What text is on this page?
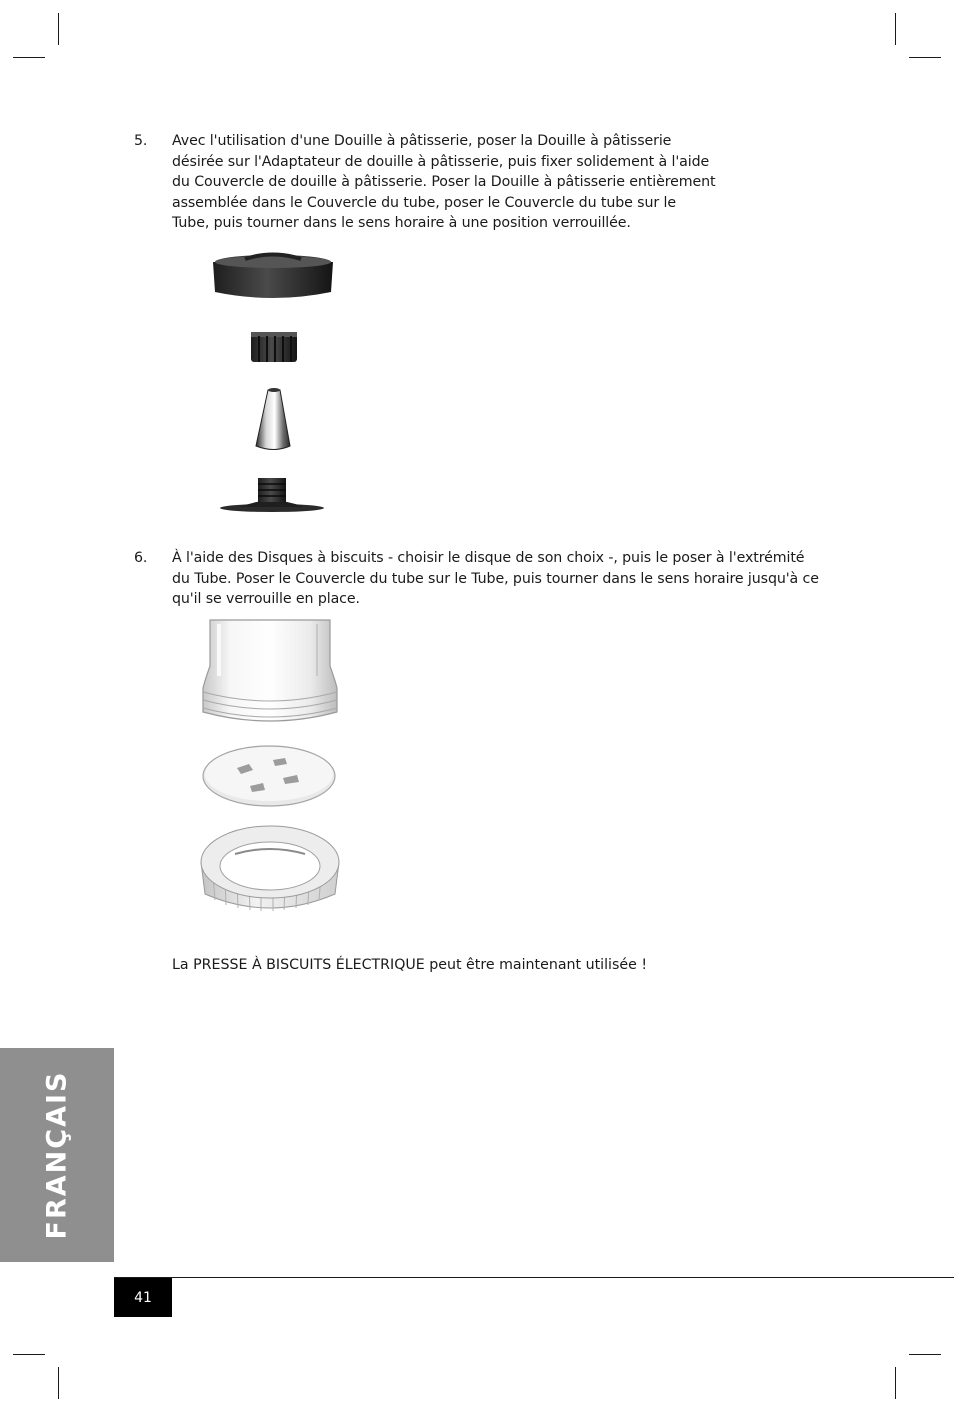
5.	Avec l'utilisation d'une Douille à pâtisserie, poser la Douille à pâtisserie
désirée sur l'Adaptateur de douille à pâtisserie, puis fixer solidement à l'aide
du Couvercle de douille à pâtisserie. Poser la Douille à pâtisserie entièrement
assemblée dans le Couvercle du tube, poser le Couvercle du tube sur le
Tube, puis tourner dans le sens horaire à une position verrouillée.
6.	À l'aide des Disques à biscuits - choisir le disque de son choix -, puis le poser à l'extrémité
du Tube. Poser le Couvercle du tube sur le Tube, puis tourner dans le sens horaire jusqu'à ce
qu'il se verrouille en place.
La PRESSE À BISCUITS ÉLECTRIQUE peut être maintenant utilisée !
FRANÇAIS
41
